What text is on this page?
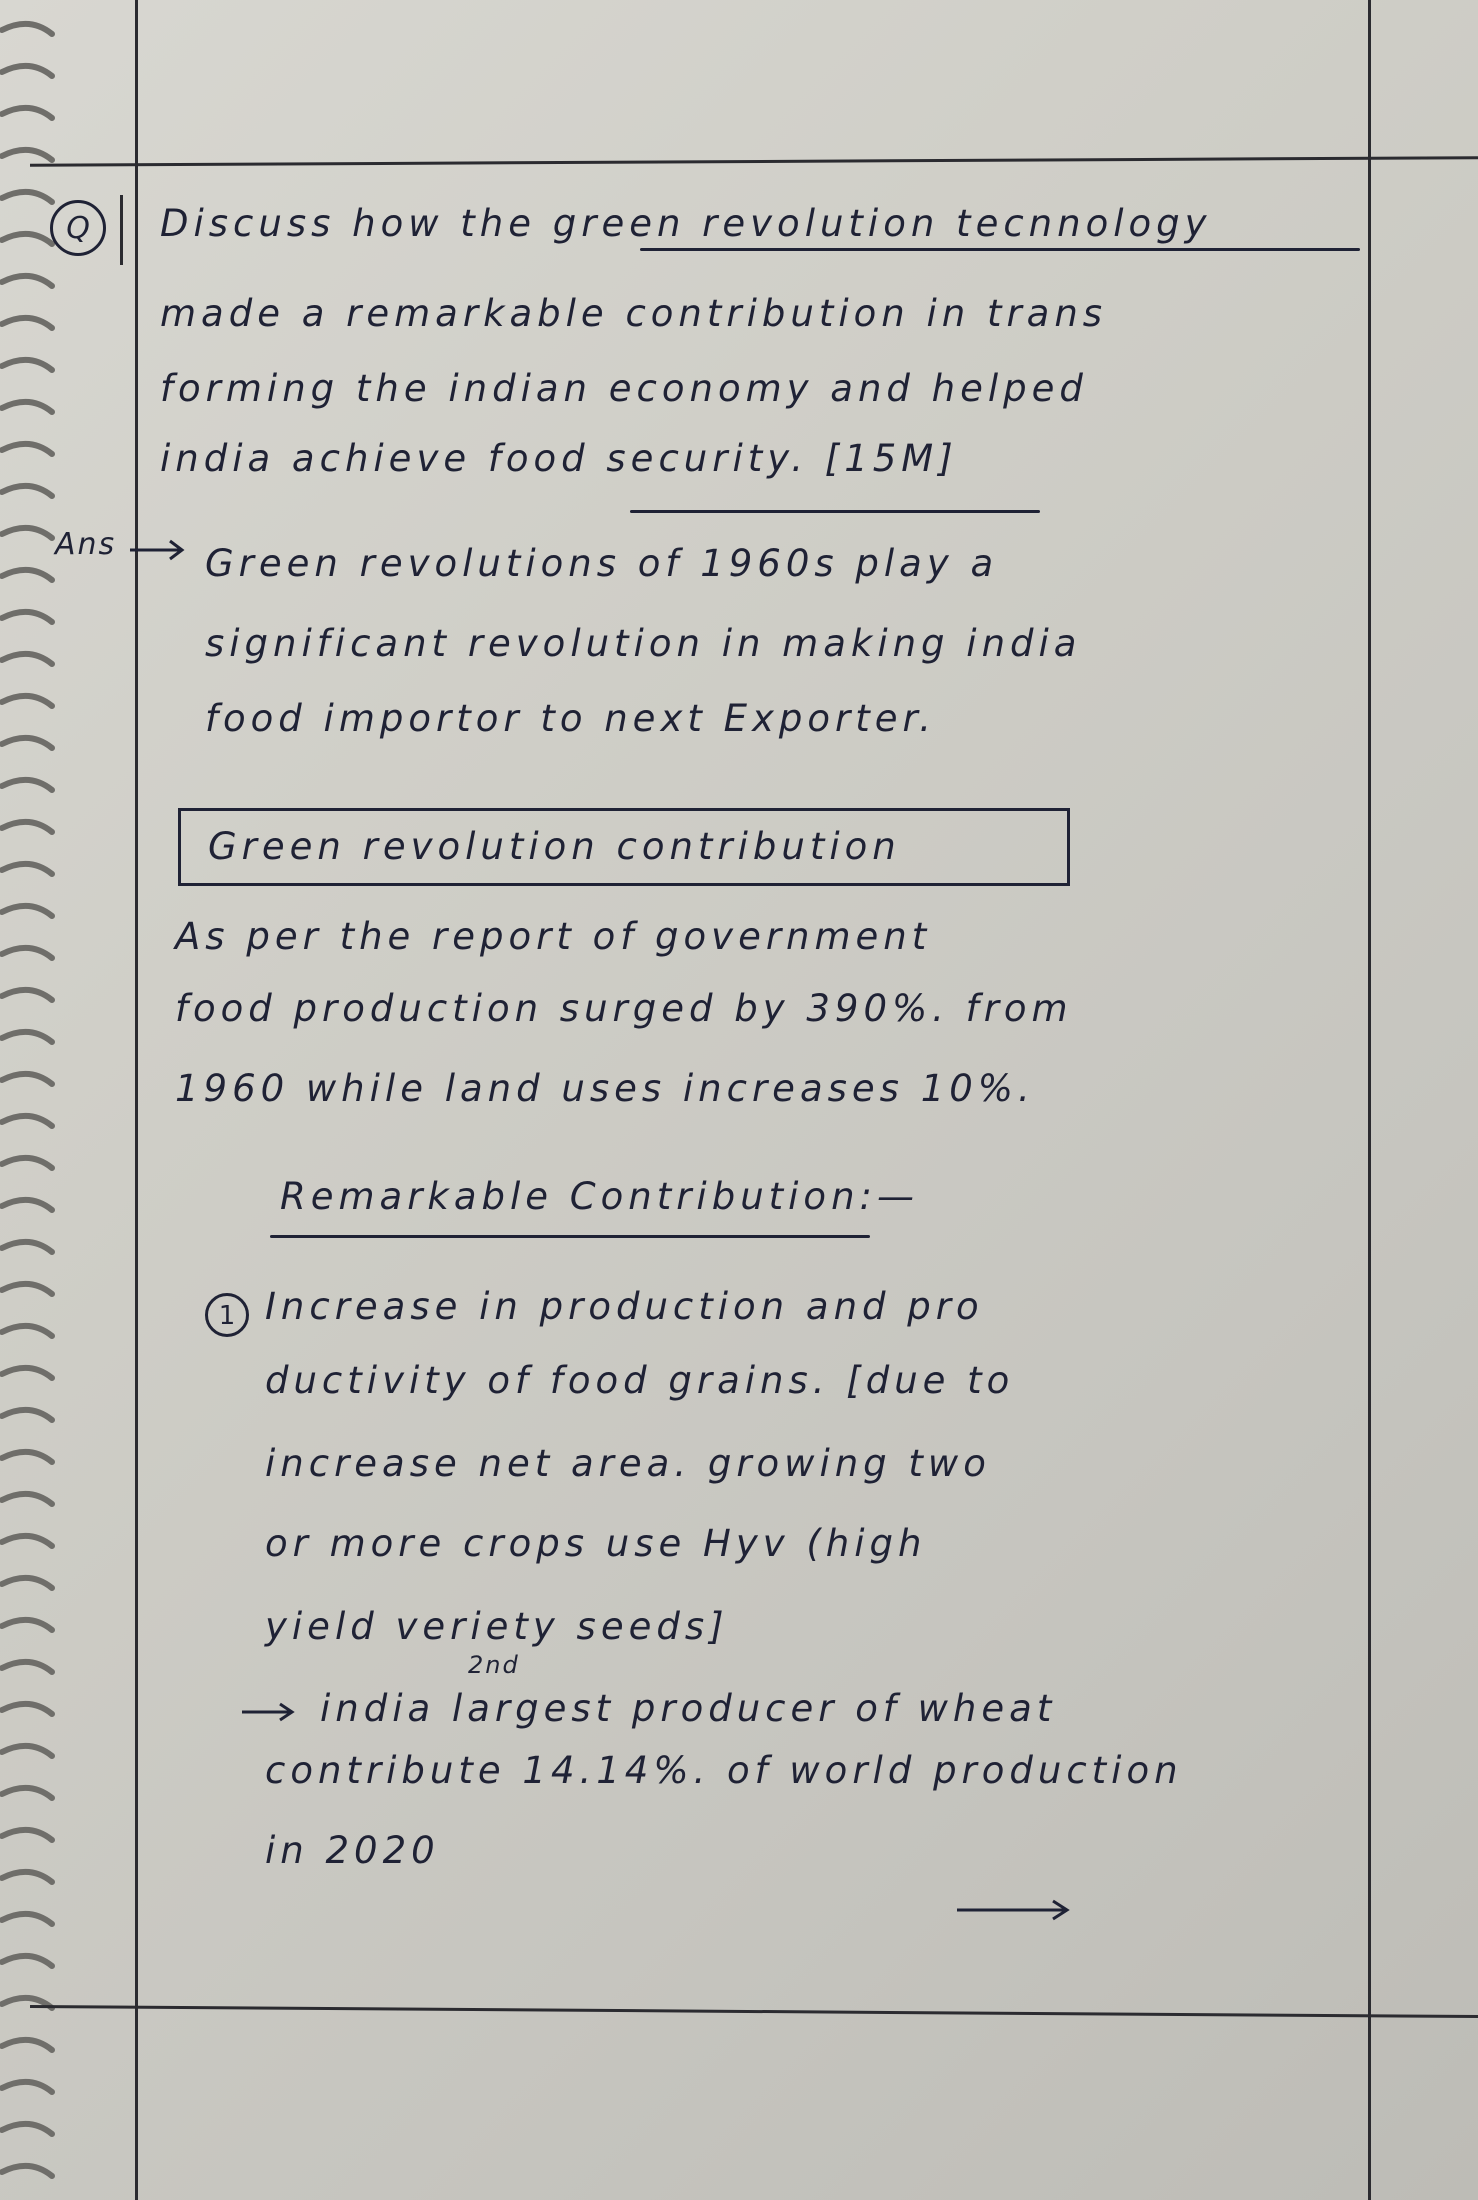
Q	Discuss how the green revolution tecnnology
made a remarkable contribution in trans
forming the indian economy and helped
india achieve food security. [15M]
Ans Green revolutions of 1960s play a
significant revolution in making india
food importor to next Exporter.
Green revolution contribution
As per the report of government
food production surged by 390%. from
1960 while land uses increases 10%.
Remarkable Contribution:—
1 Increase in production and pro
ductivity of food grains. [due to
increase net area. growing two
or more crops use Hyv (high
yield veriety seeds]
2nd
india largest producer of wheat
contribute 14.14%. of world production
in 2020
